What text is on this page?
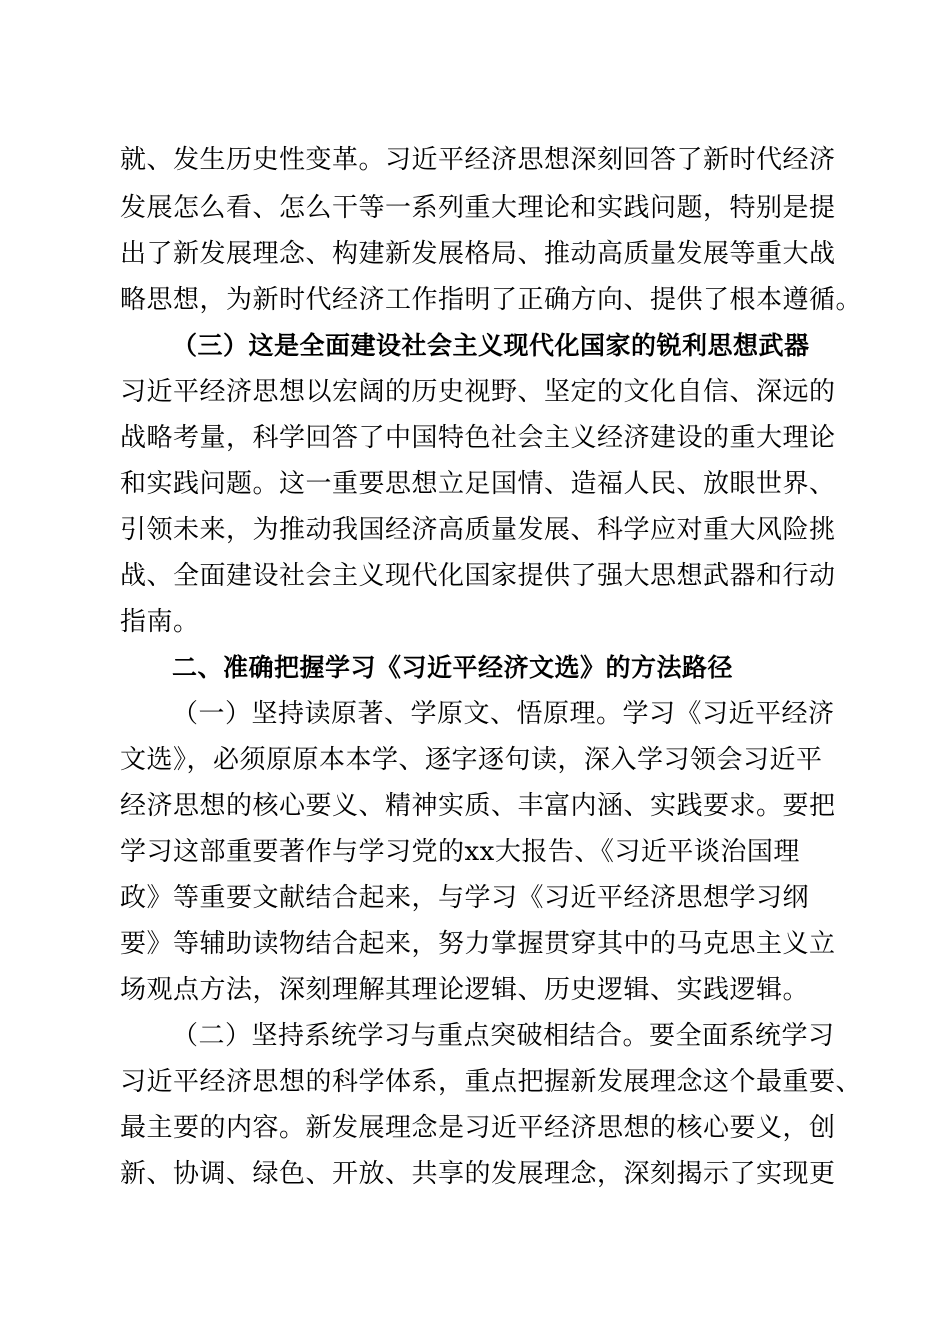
就、发生历史性变革。习近平经济思想深刻回答了新时代经济
发展怎么看、怎么干等一系列重大理论和实践问题，特别是提
出了新发展理念、构建新发展格局、推动高质量发展等重大战
略思想，为新时代经济工作指明了正确方向、提供了根本遵循。
（三）这是全面建设社会主义现代化国家的锐利思想武器
习近平经济思想以宏阔的历史视野、坚定的文化自信、深远的
战略考量，科学回答了中国特色社会主义经济建设的重大理论
和实践问题。这一重要思想立足国情、造福人民、放眼世界、
引领未来，为推动我国经济高质量发展、科学应对重大风险挑
战、全面建设社会主义现代化国家提供了强大思想武器和行动
指南。
二、准确把握学习《习近平经济文选》的方法路径
（一）坚持读原著、学原文、悟原理。学习《习近平经济
文选》，必须原原本本学、逐字逐句读，深入学习领会习近平
经济思想的核心要义、精神实质、丰富内涵、实践要求。要把
学习这部重要著作与学习党的xx大报告、《习近平谈治国理
政》等重要文献结合起来，与学习《习近平经济思想学习纲
要》等辅助读物结合起来，努力掌握贯穿其中的马克思主义立
场观点方法，深刻理解其理论逻辑、历史逻辑、实践逻辑。
（二）坚持系统学习与重点突破相结合。要全面系统学习
习近平经济思想的科学体系，重点把握新发展理念这个最重要、
最主要的内容。新发展理念是习近平经济思想的核心要义，创
新、协调、绿色、开放、共享的发展理念，深刻揭示了实现更
